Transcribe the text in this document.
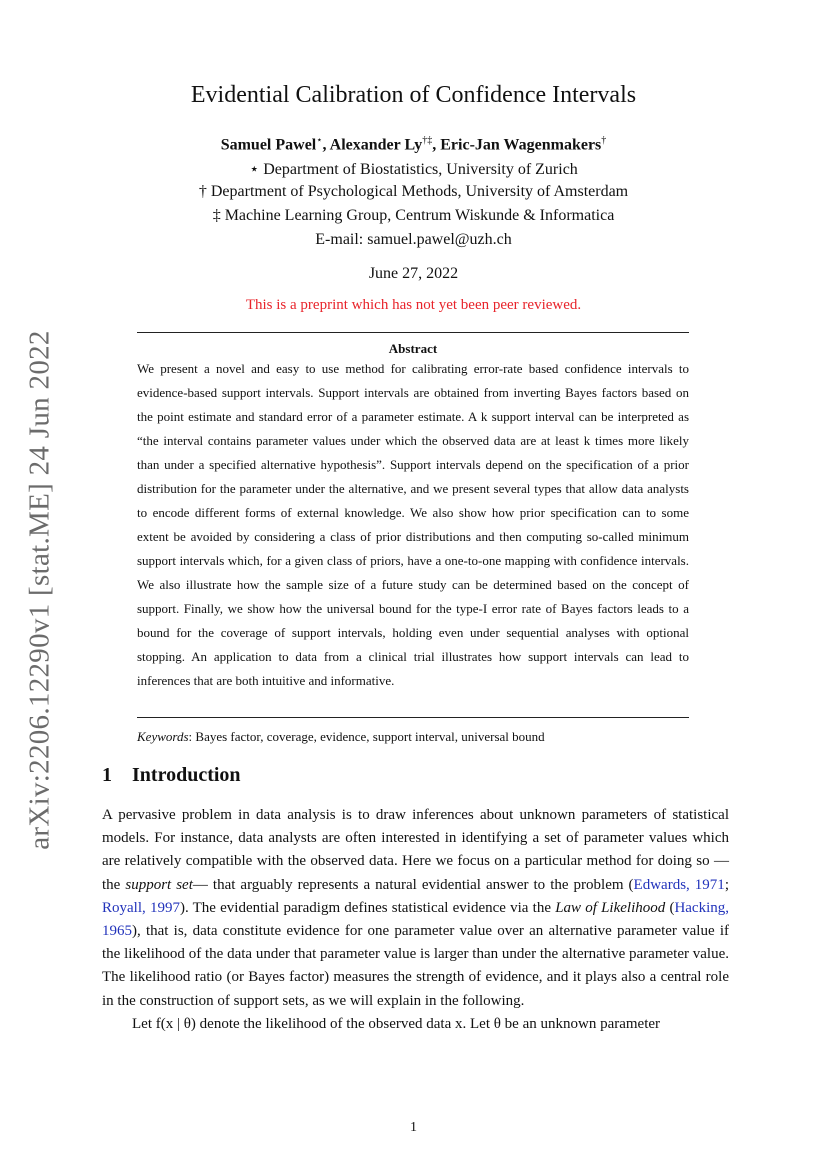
arXiv:2206.12290v1 [stat.ME] 24 Jun 2022
Evidential Calibration of Confidence Intervals
Samuel Pawel⋆, Alexander Ly†‡, Eric-Jan Wagenmakers†
⋆ Department of Biostatistics, University of Zurich
† Department of Psychological Methods, University of Amsterdam
‡ Machine Learning Group, Centrum Wiskunde & Informatica
E-mail: samuel.pawel@uzh.ch
June 27, 2022
This is a preprint which has not yet been peer reviewed.
Abstract
We present a novel and easy to use method for calibrating error-rate based confidence intervals to evidence-based support intervals. Support intervals are obtained from inverting Bayes factors based on the point estimate and standard error of a parameter estimate. A k support interval can be interpreted as “the interval contains parameter values under which the observed data are at least k times more likely than under a specified alternative hypothesis”. Support intervals depend on the specification of a prior distribution for the parameter under the alternative, and we present several types that allow data analysts to encode different forms of external knowledge. We also show how prior specification can to some extent be avoided by considering a class of prior distributions and then computing so-called minimum support intervals which, for a given class of priors, have a one-to-one mapping with confidence intervals. We also illustrate how the sample size of a future study can be determined based on the concept of support. Finally, we show how the universal bound for the type-I error rate of Bayes factors leads to a bound for the coverage of support intervals, holding even under sequential analyses with optional stopping. An application to data from a clinical trial illustrates how support intervals can lead to inferences that are both intuitive and informative.
Keywords: Bayes factor, coverage, evidence, support interval, universal bound
1 Introduction

A pervasive problem in data analysis is to draw inferences about unknown parameters of statistical models. For instance, data analysts are often interested in identifying a set of parameter values which are relatively compatible with the observed data. Here we focus on a particular method for doing so —the support set— that arguably represents a natural evidential answer to the problem (Edwards, 1971; Royall, 1997). The evidential paradigm defines statistical evidence via the Law of Likelihood (Hacking, 1965), that is, data constitute evidence for one parameter value over an alternative parameter value if the likelihood of the data under that parameter value is larger than under the alternative parameter value. The likelihood ratio (or Bayes factor) measures the strength of evidence, and it plays also a central role in the construction of support sets, as we will explain in the following.

Let f(x | θ) denote the likelihood of the observed data x. Let θ be an unknown parameter

1
